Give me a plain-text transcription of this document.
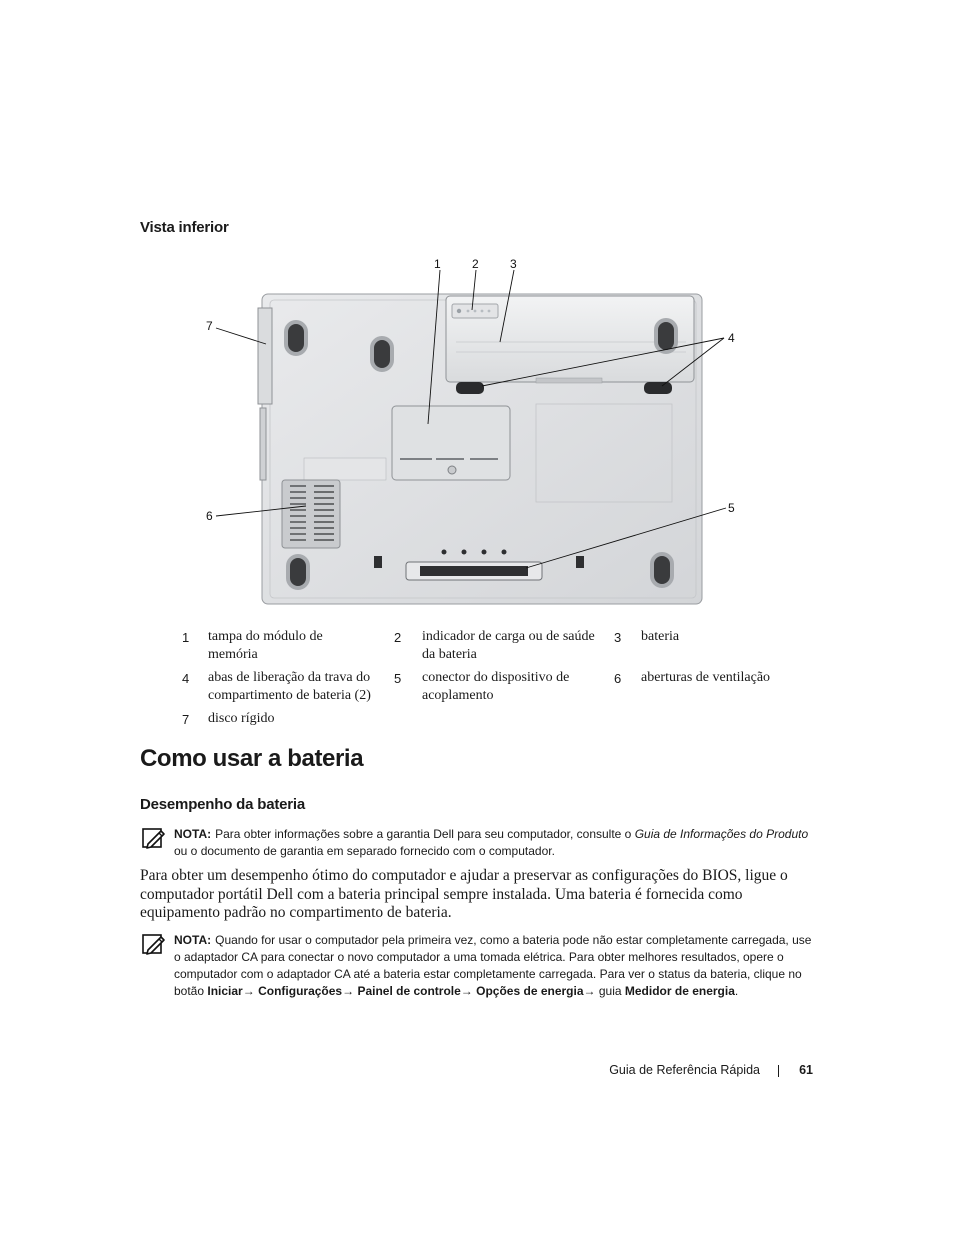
Vista inferior
1	2	3
4
5
6
7
1 tampa do módulo de memória
2 indicador de carga ou de saúde da bateria
3 bateria
4 abas de liberação da trava do compartimento de bateria (2)
5 conector do dispositivo de acoplamento
6 aberturas de ventilação
7 disco rígido
Como usar a bateria
Desempenho da bateria
NOTA: Para obter informações sobre a garantia Dell para seu computador, consulte o Guia de Informações do Produto ou o documento de garantia em separado fornecido com o computador.
Para obter um desempenho ótimo do computador e ajudar a preservar as configurações do BIOS, ligue o computador portátil Dell com a bateria principal sempre instalada. Uma bateria é fornecida como equipamento padrão no compartimento de bateria.
NOTA: Quando for usar o computador pela primeira vez, como a bateria pode não estar completamente carregada, use o adaptador CA para conectar o novo computador a uma tomada elétrica. Para obter melhores resultados, opere o computador com o adaptador CA até a bateria estar completamente carregada. Para ver o status da bateria, clique no botão Iniciar→ Configurações→ Painel de controle→ Opções de energia→ guia Medidor de energia.
Guia de Referência Rápida	61
